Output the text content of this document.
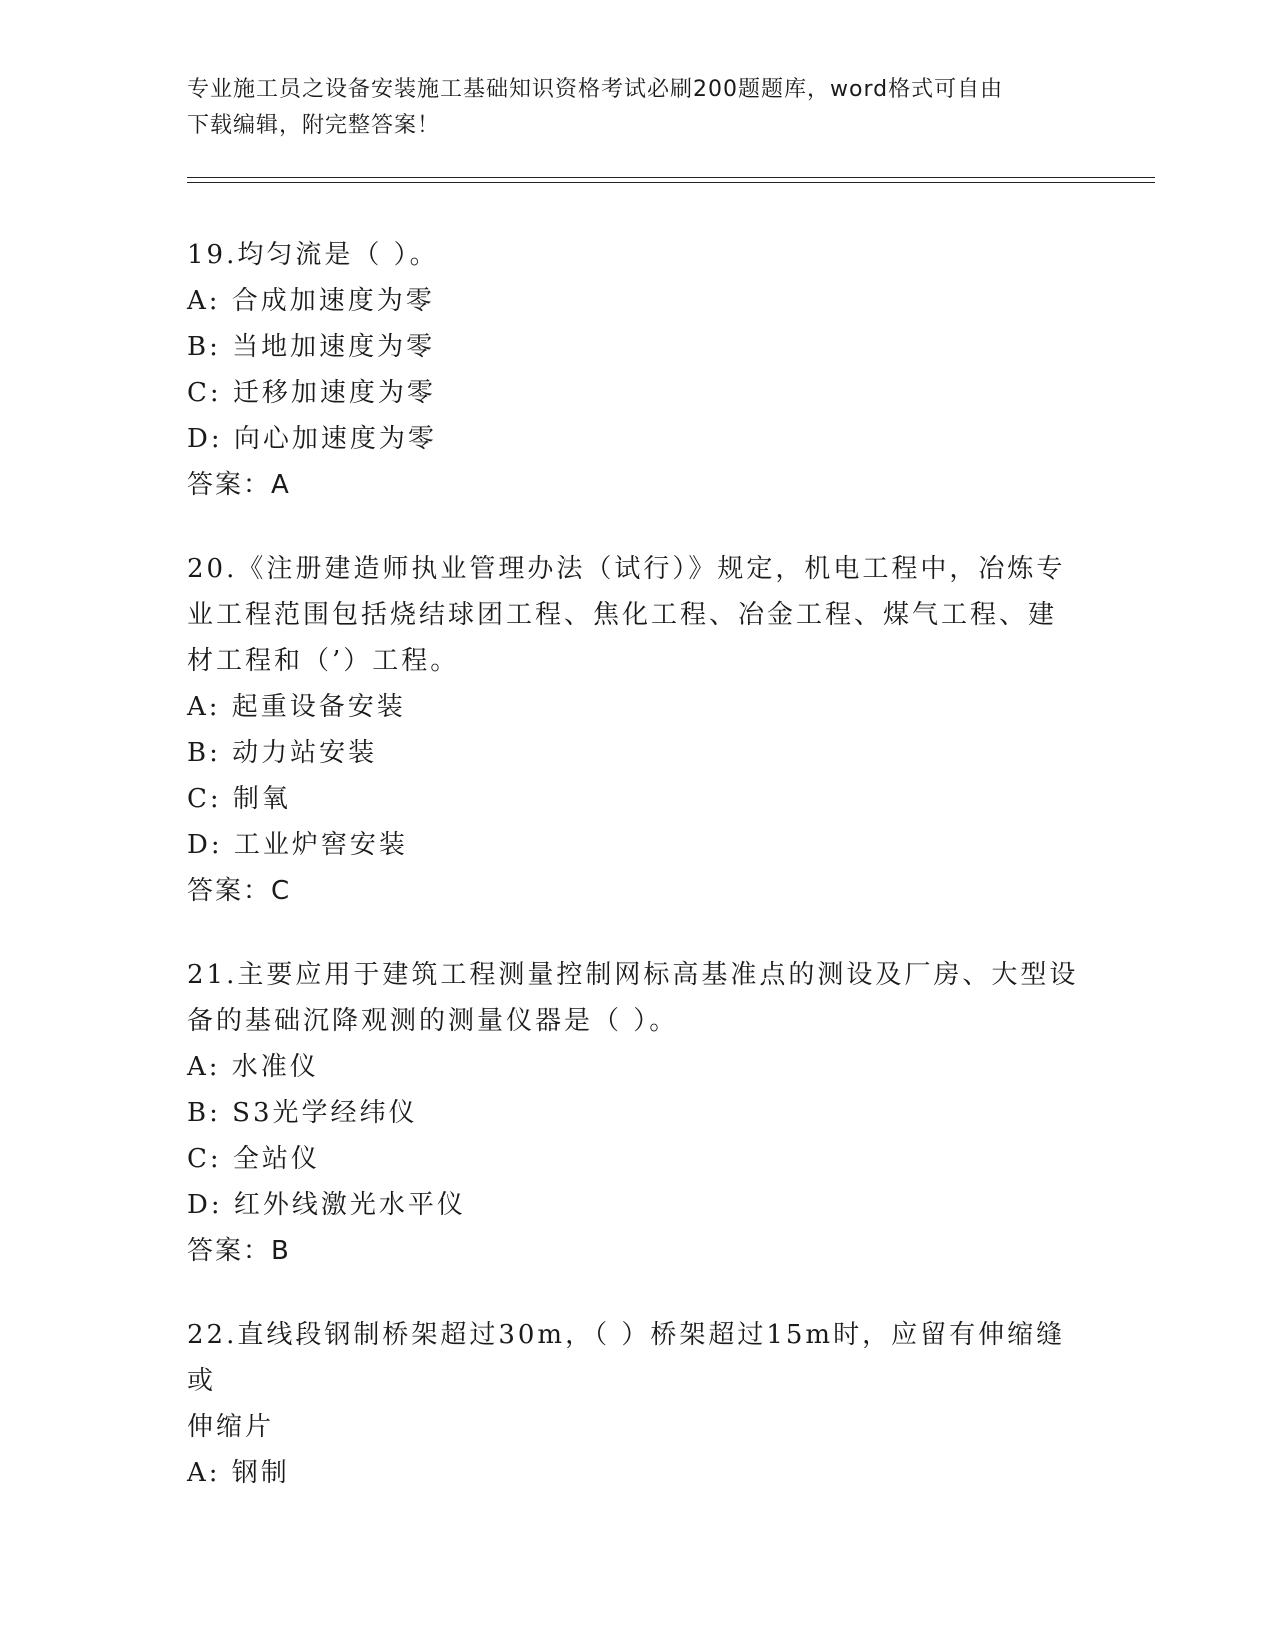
专业施工员之设备安装施工基础知识资格考试必刷200题题库，word格式可自由
下载编辑，附完整答案！
19.均匀流是（ ）。
A: 合成加速度为零
B: 当地加速度为零
C: 迁移加速度为零
D: 向心加速度为零
答案：A
20.《注册建造师执业管理办法（试行）》规定，机电工程中，冶炼专
业工程范围包括烧结球团工程、焦化工程、冶金工程、煤气工程、建
材工程和（’）工程。
A: 起重设备安装
B: 动力站安装
C: 制氧
D: 工业炉窖安装
答案：C
21.主要应用于建筑工程测量控制网标高基准点的测设及厂房、大型设
备的基础沉降观测的测量仪器是（ ）。
A: 水准仪
B: S3光学经纬仪
C: 全站仪
D: 红外线激光水平仪
答案：B
22.直线段钢制桥架超过30m，（ ）桥架超过15m时，应留有伸缩缝或
伸缩片
A: 钢制
